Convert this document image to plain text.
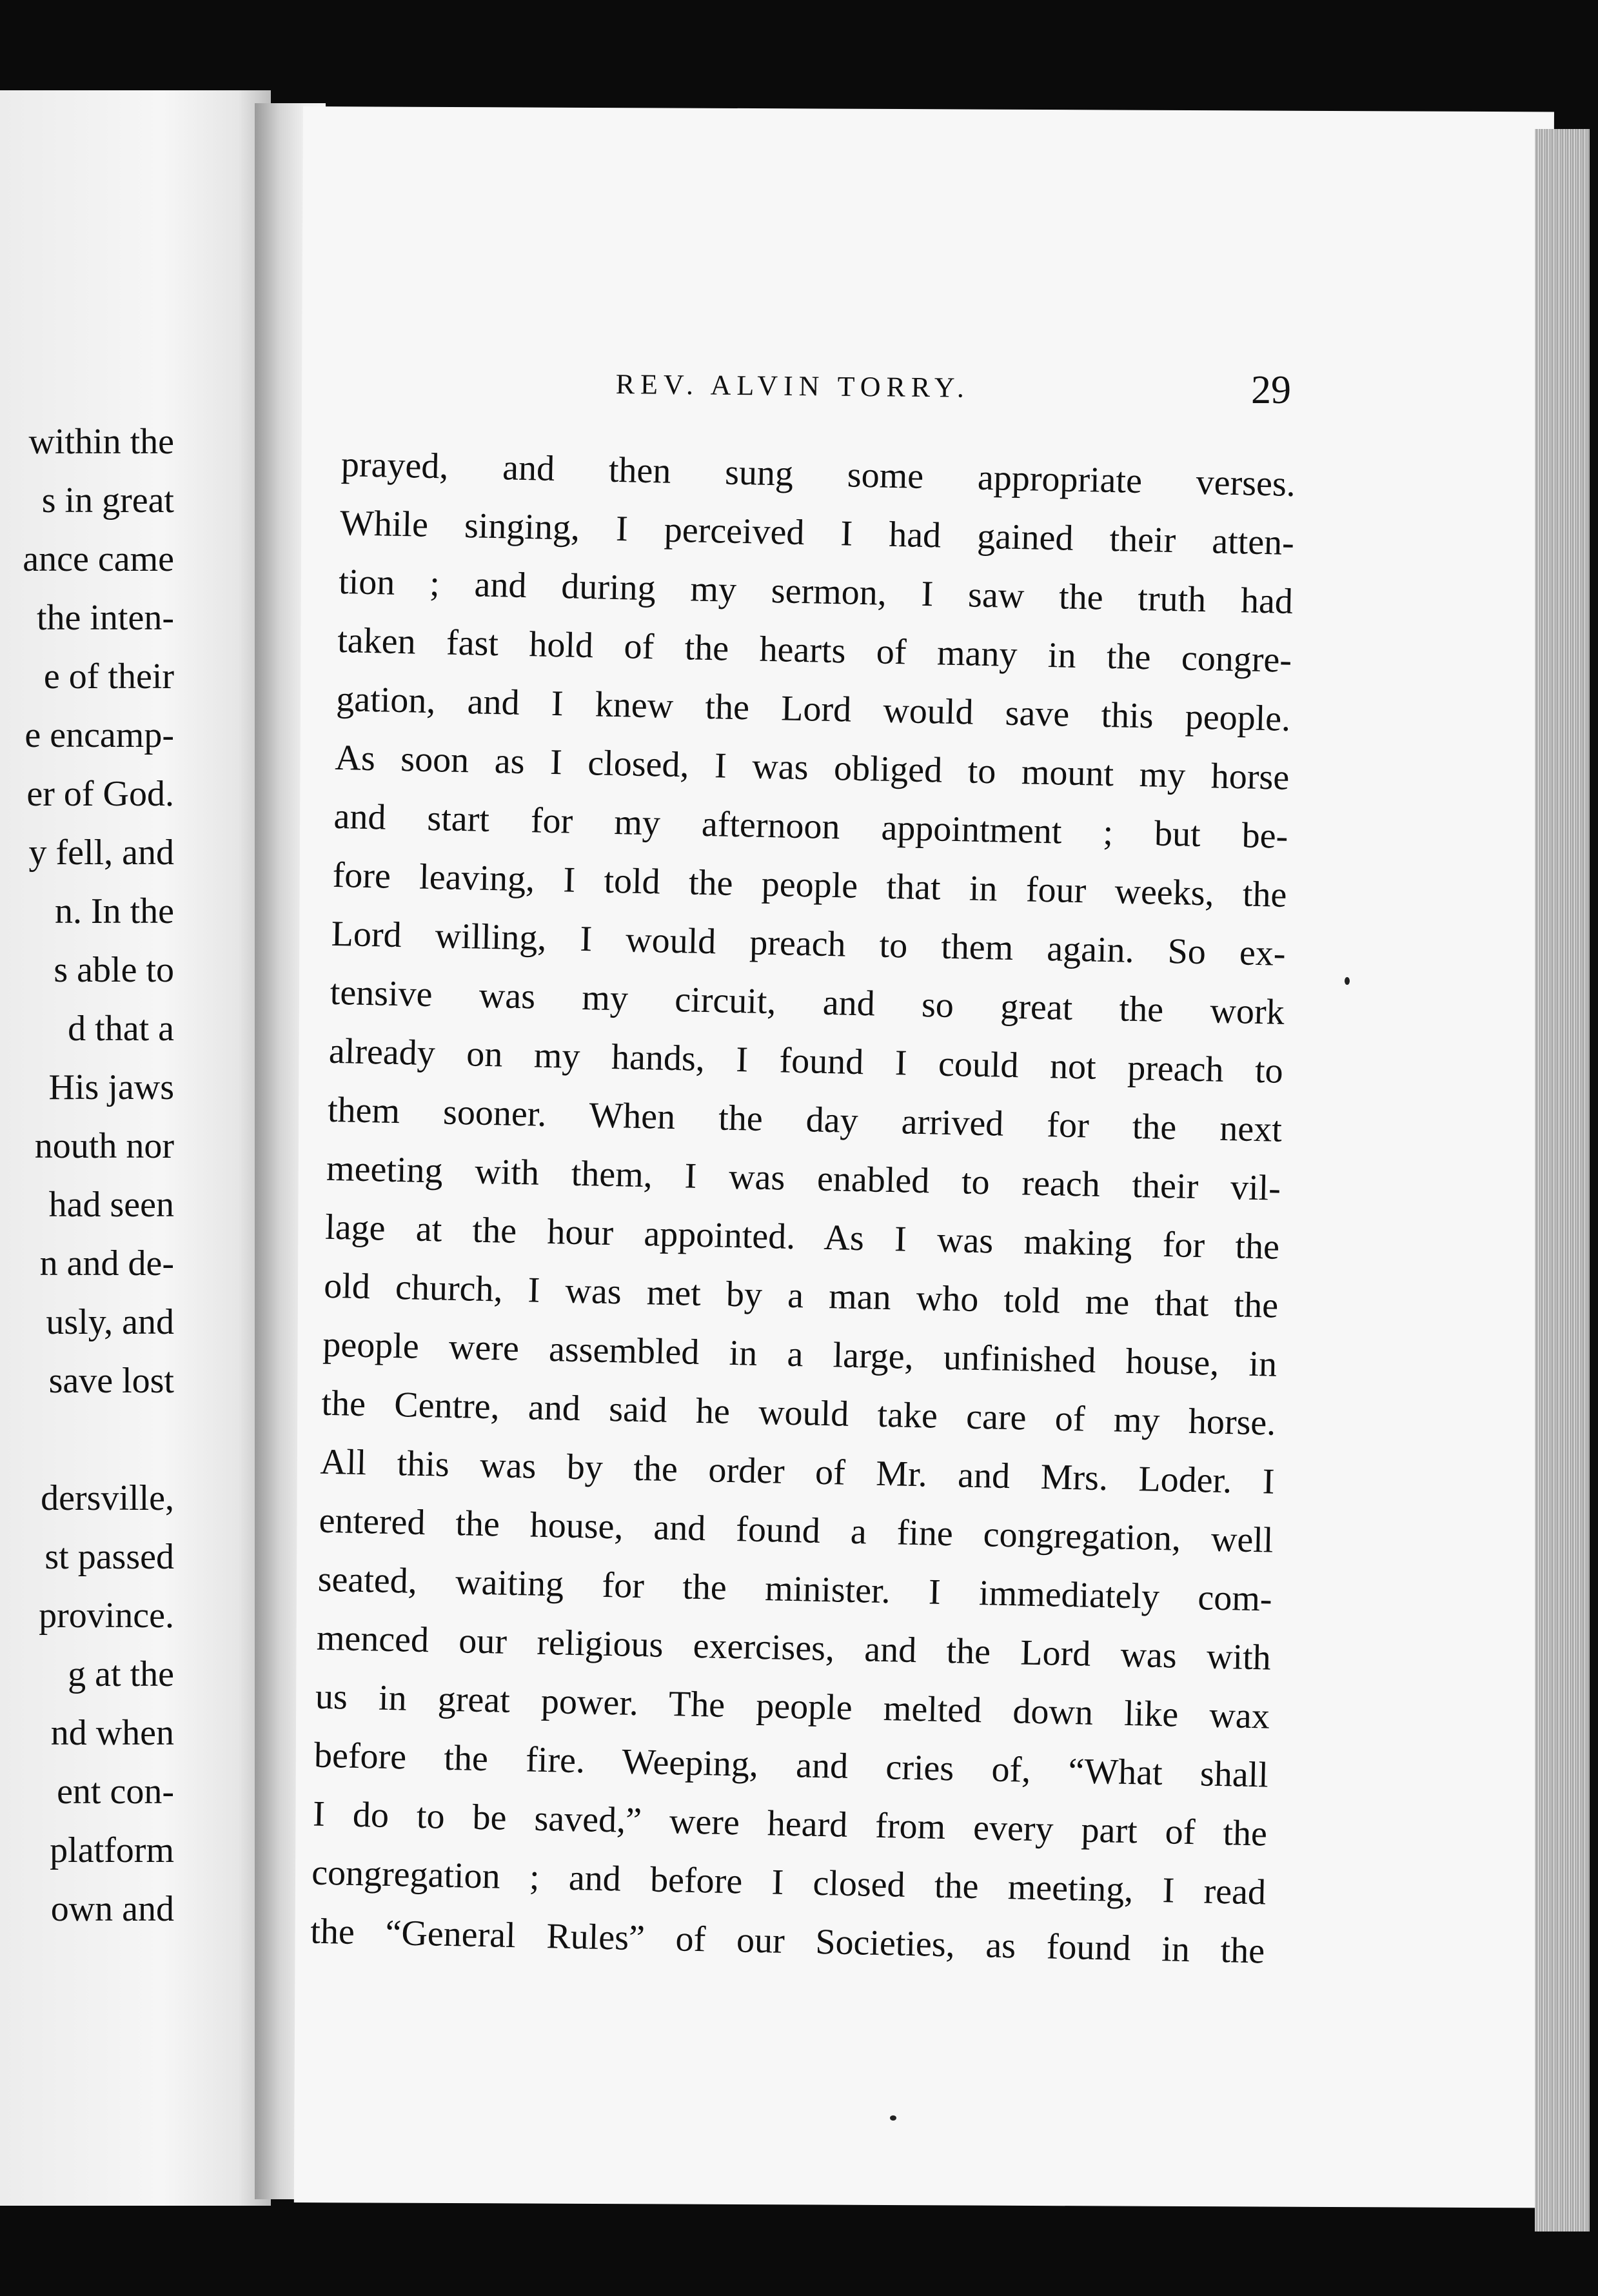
within the
s in great
ance came
the inten-
e of their
e encamp-
er of God.
y fell, and
n. In the
s able to
d that a
His jaws
nouth nor
had seen
n and de-
usly, and
save lost
dersville,
st passed
province.
g at the
nd when
ent con-
platform
own and
REV. ALVIN TORRY.	29
prayed, and then sung some appropriate verses.
While singing, I perceived I had gained their atten-
tion ; and during my sermon, I saw the truth had
taken fast hold of the hearts of many in the congre-
gation, and I knew the Lord would save this people.
As soon as I closed, I was obliged to mount my horse
and start for my afternoon appointment ; but be-
fore leaving, I told the people that in four weeks, the
Lord willing, I would preach to them again. So ex-
tensive was my circuit, and so great the work
already on my hands, I found I could not preach to
them sooner. When the day arrived for the next
meeting with them, I was enabled to reach their vil-
lage at the hour appointed. As I was making for the
old church, I was met by a man who told me that the
people were assembled in a large, unfinished house, in
the Centre, and said he would take care of my horse.
All this was by the order of Mr. and Mrs. Loder. I
entered the house, and found a fine congregation, well
seated, waiting for the minister. I immediately com-
menced our religious exercises, and the Lord was with
us in great power. The people melted down like wax
before the fire. Weeping, and cries of, “What shall
I do to be saved,” were heard from every part of the
congregation ; and before I closed the meeting, I read
the “General Rules” of our Societies, as found in the
